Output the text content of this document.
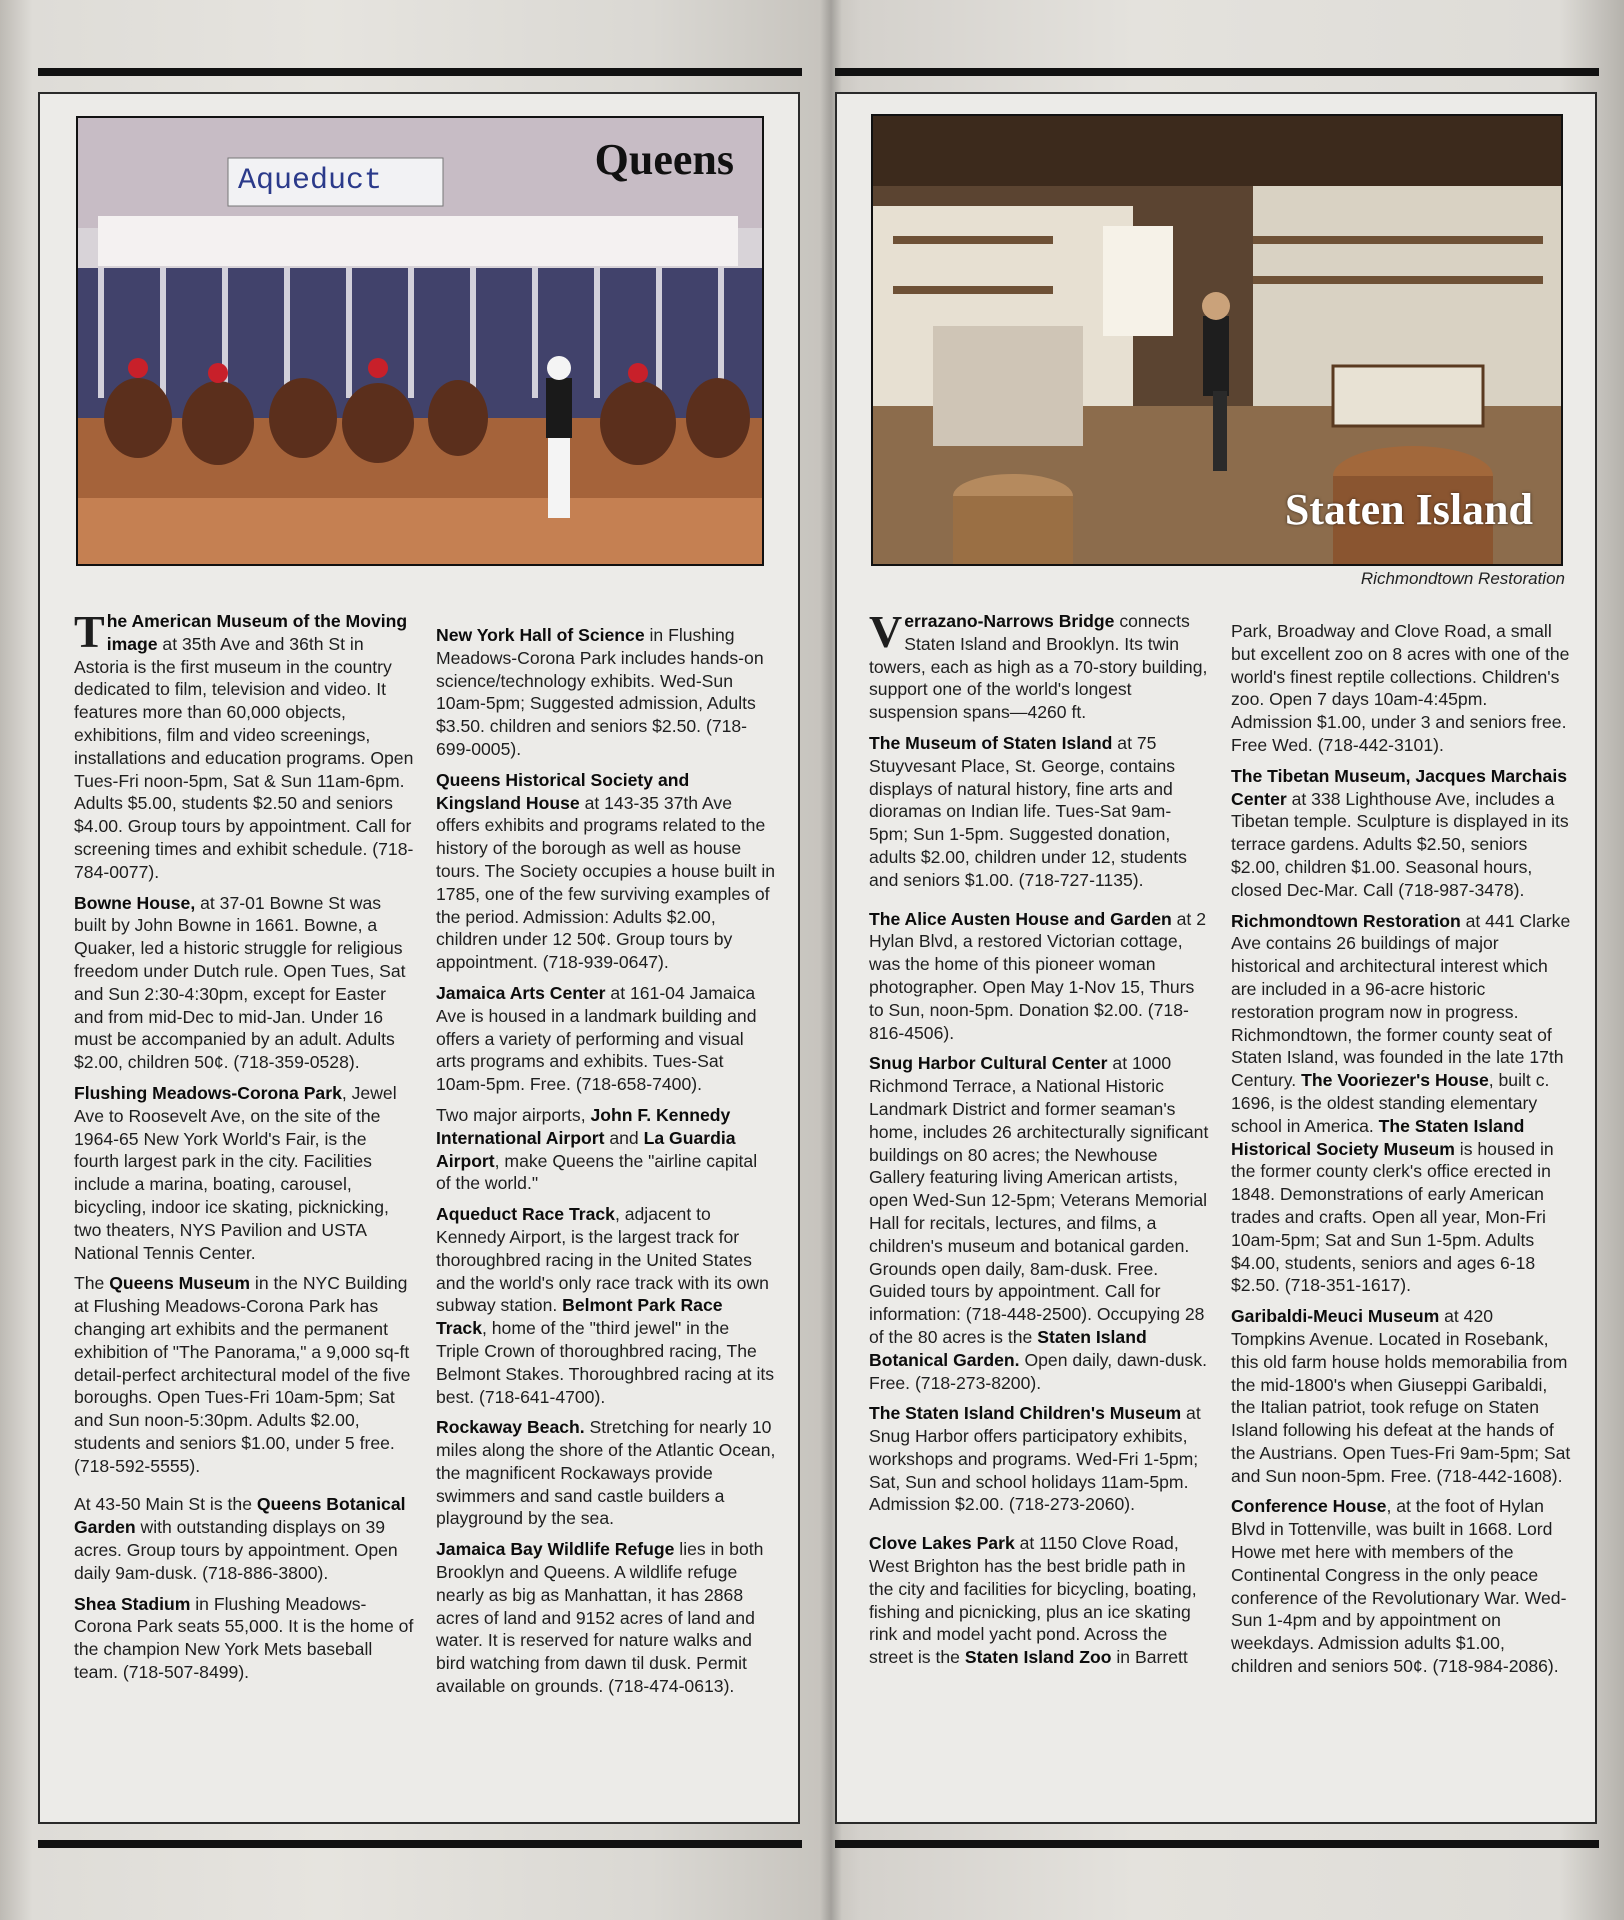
Queens
Aqueduct

The American Museum of the Moving image at 35th Ave and 36th St in Astoria is the first museum in the country dedicated to film, television and video. It features more than 60,000 objects, exhibitions, film and video screenings, installations and education programs. Open Tues-Fri noon-5pm, Sat & Sun 11am-6pm. Adults $5.00, students $2.50 and seniors $4.00. Group tours by appointment. Call for screening times and exhibit schedule. (718-784-0077).

Bowne House, at 37-01 Bowne St was built by John Bowne in 1661. Bowne, a Quaker, led a historic struggle for religious freedom under Dutch rule. Open Tues, Sat and Sun 2:30-4:30pm, except for Easter and from mid-Dec to mid-Jan. Under 16 must be accompanied by an adult. Adults $2.00, children 50¢. (718-359-0528).

Flushing Meadows-Corona Park, Jewel Ave to Roosevelt Ave, on the site of the 1964-65 New York World's Fair, is the fourth largest park in the city. Facilities include a marina, boating, carousel, bicycling, indoor ice skating, picknicking, two theaters, NYS Pavilion and USTA National Tennis Center.

The Queens Museum in the NYC Building at Flushing Meadows-Corona Park has changing art exhibits and the permanent exhibition of "The Panorama," a 9,000 sq-ft detail-perfect architectural model of the five boroughs. Open Tues-Fri 10am-5pm; Sat and Sun noon-5:30pm. Adults $2.00, students and seniors $1.00, under 5 free. (718-592-5555).

At 43-50 Main St is the Queens Botanical Garden with outstanding displays on 39 acres. Group tours by appointment. Open daily 9am-dusk. (718-886-3800).

Shea Stadium in Flushing Meadows-Corona Park seats 55,000. It is the home of the champion New York Mets baseball team. (718-507-8499).

New York Hall of Science in Flushing Meadows-Corona Park includes hands-on science/technology exhibits. Wed-Sun 10am-5pm; Suggested admission, Adults $3.50. children and seniors $2.50. (718-699-0005).

Queens Historical Society and Kingsland House at 143-35 37th Ave offers exhibits and programs related to the history of the borough as well as house tours. The Society occupies a house built in 1785, one of the few surviving examples of the period. Admission: Adults $2.00, children under 12 50¢. Group tours by appointment. (718-939-0647).

Jamaica Arts Center at 161-04 Jamaica Ave is housed in a landmark building and offers a variety of performing and visual arts programs and exhibits. Tues-Sat 10am-5pm. Free. (718-658-7400).

Two major airports, John F. Kennedy International Airport and La Guardia Airport, make Queens the "airline capital of the world."

Aqueduct Race Track, adjacent to Kennedy Airport, is the largest track for thoroughbred racing in the United States and the world's only race track with its own subway station. Belmont Park Race Track, home of the "third jewel" in the Triple Crown of thoroughbred racing, The Belmont Stakes. Thoroughbred racing at its best. (718-641-4700).

Rockaway Beach. Stretching for nearly 10 miles along the shore of the Atlantic Ocean, the magnificent Rockaways provide swimmers and sand castle builders a playground by the sea.

Jamaica Bay Wildlife Refuge lies in both Brooklyn and Queens. A wildlife refuge nearly as big as Manhattan, it has 2868 acres of land and 9152 acres of land and water. It is reserved for nature walks and bird watching from dawn til dusk. Permit available on grounds. (718-474-0613).

Staten Island
Richmondtown Restoration

Verrazano-Narrows Bridge connects Staten Island and Brooklyn. Its twin towers, each as high as a 70-story building, support one of the world's longest suspension spans—4260 ft.

The Museum of Staten Island at 75 Stuyvesant Place, St. George, contains displays of natural history, fine arts and dioramas on Indian life. Tues-Sat 9am-5pm; Sun 1-5pm. Suggested donation, adults $2.00, children under 12, students and seniors $1.00. (718-727-1135).

The Alice Austen House and Garden at 2 Hylan Blvd, a restored Victorian cottage, was the home of this pioneer woman photographer. Open May 1-Nov 15, Thurs to Sun, noon-5pm. Donation $2.00. (718-816-4506).

Snug Harbor Cultural Center at 1000 Richmond Terrace, a National Historic Landmark District and former seaman's home, includes 26 architecturally significant buildings on 80 acres; the Newhouse Gallery featuring living American artists, open Wed-Sun 12-5pm; Veterans Memorial Hall for recitals, lectures, and films, a children's museum and botanical garden. Grounds open daily, 8am-dusk. Free. Guided tours by appointment. Call for information: (718-448-2500). Occupying 28 of the 80 acres is the Staten Island Botanical Garden. Open daily, dawn-dusk. Free. (718-273-8200).

The Staten Island Children's Museum at Snug Harbor offers participatory exhibits, workshops and programs. Wed-Fri 1-5pm; Sat, Sun and school holidays 11am-5pm. Admission $2.00. (718-273-2060).

Clove Lakes Park at 1150 Clove Road, West Brighton has the best bridle path in the city and facilities for bicycling, boating, fishing and picnicking, plus an ice skating rink and model yacht pond. Across the street is the Staten Island Zoo in Barrett

Park, Broadway and Clove Road, a small but excellent zoo on 8 acres with one of the world's finest reptile collections. Children's zoo. Open 7 days 10am-4:45pm. Admission $1.00, under 3 and seniors free. Free Wed. (718-442-3101).

The Tibetan Museum, Jacques Marchais Center at 338 Lighthouse Ave, includes a Tibetan temple. Sculpture is displayed in its terrace gardens. Adults $2.50, seniors $2.00, children $1.00. Seasonal hours, closed Dec-Mar. Call (718-987-3478).

Richmondtown Restoration at 441 Clarke Ave contains 26 buildings of major historical and architectural interest which are included in a 96-acre historic restoration program now in progress. Richmondtown, the former county seat of Staten Island, was founded in the late 17th Century. The Vooriezer's House, built c. 1696, is the oldest standing elementary school in America. The Staten Island Historical Society Museum is housed in the former county clerk's office erected in 1848. Demonstrations of early American trades and crafts. Open all year, Mon-Fri 10am-5pm; Sat and Sun 1-5pm. Adults $4.00, students, seniors and ages 6-18 $2.50. (718-351-1617).

Garibaldi-Meuci Museum at 420 Tompkins Avenue. Located in Rosebank, this old farm house holds memorabilia from the mid-1800's when Giuseppi Garibaldi, the Italian patriot, took refuge on Staten Island following his defeat at the hands of the Austrians. Open Tues-Fri 9am-5pm; Sat and Sun noon-5pm. Free. (718-442-1608).

Conference House, at the foot of Hylan Blvd in Tottenville, was built in 1668. Lord Howe met here with members of the Continental Congress in the only peace conference of the Revolutionary War. Wed-Sun 1-4pm and by appointment on weekdays. Admission adults $1.00, children and seniors 50¢. (718-984-2086).
